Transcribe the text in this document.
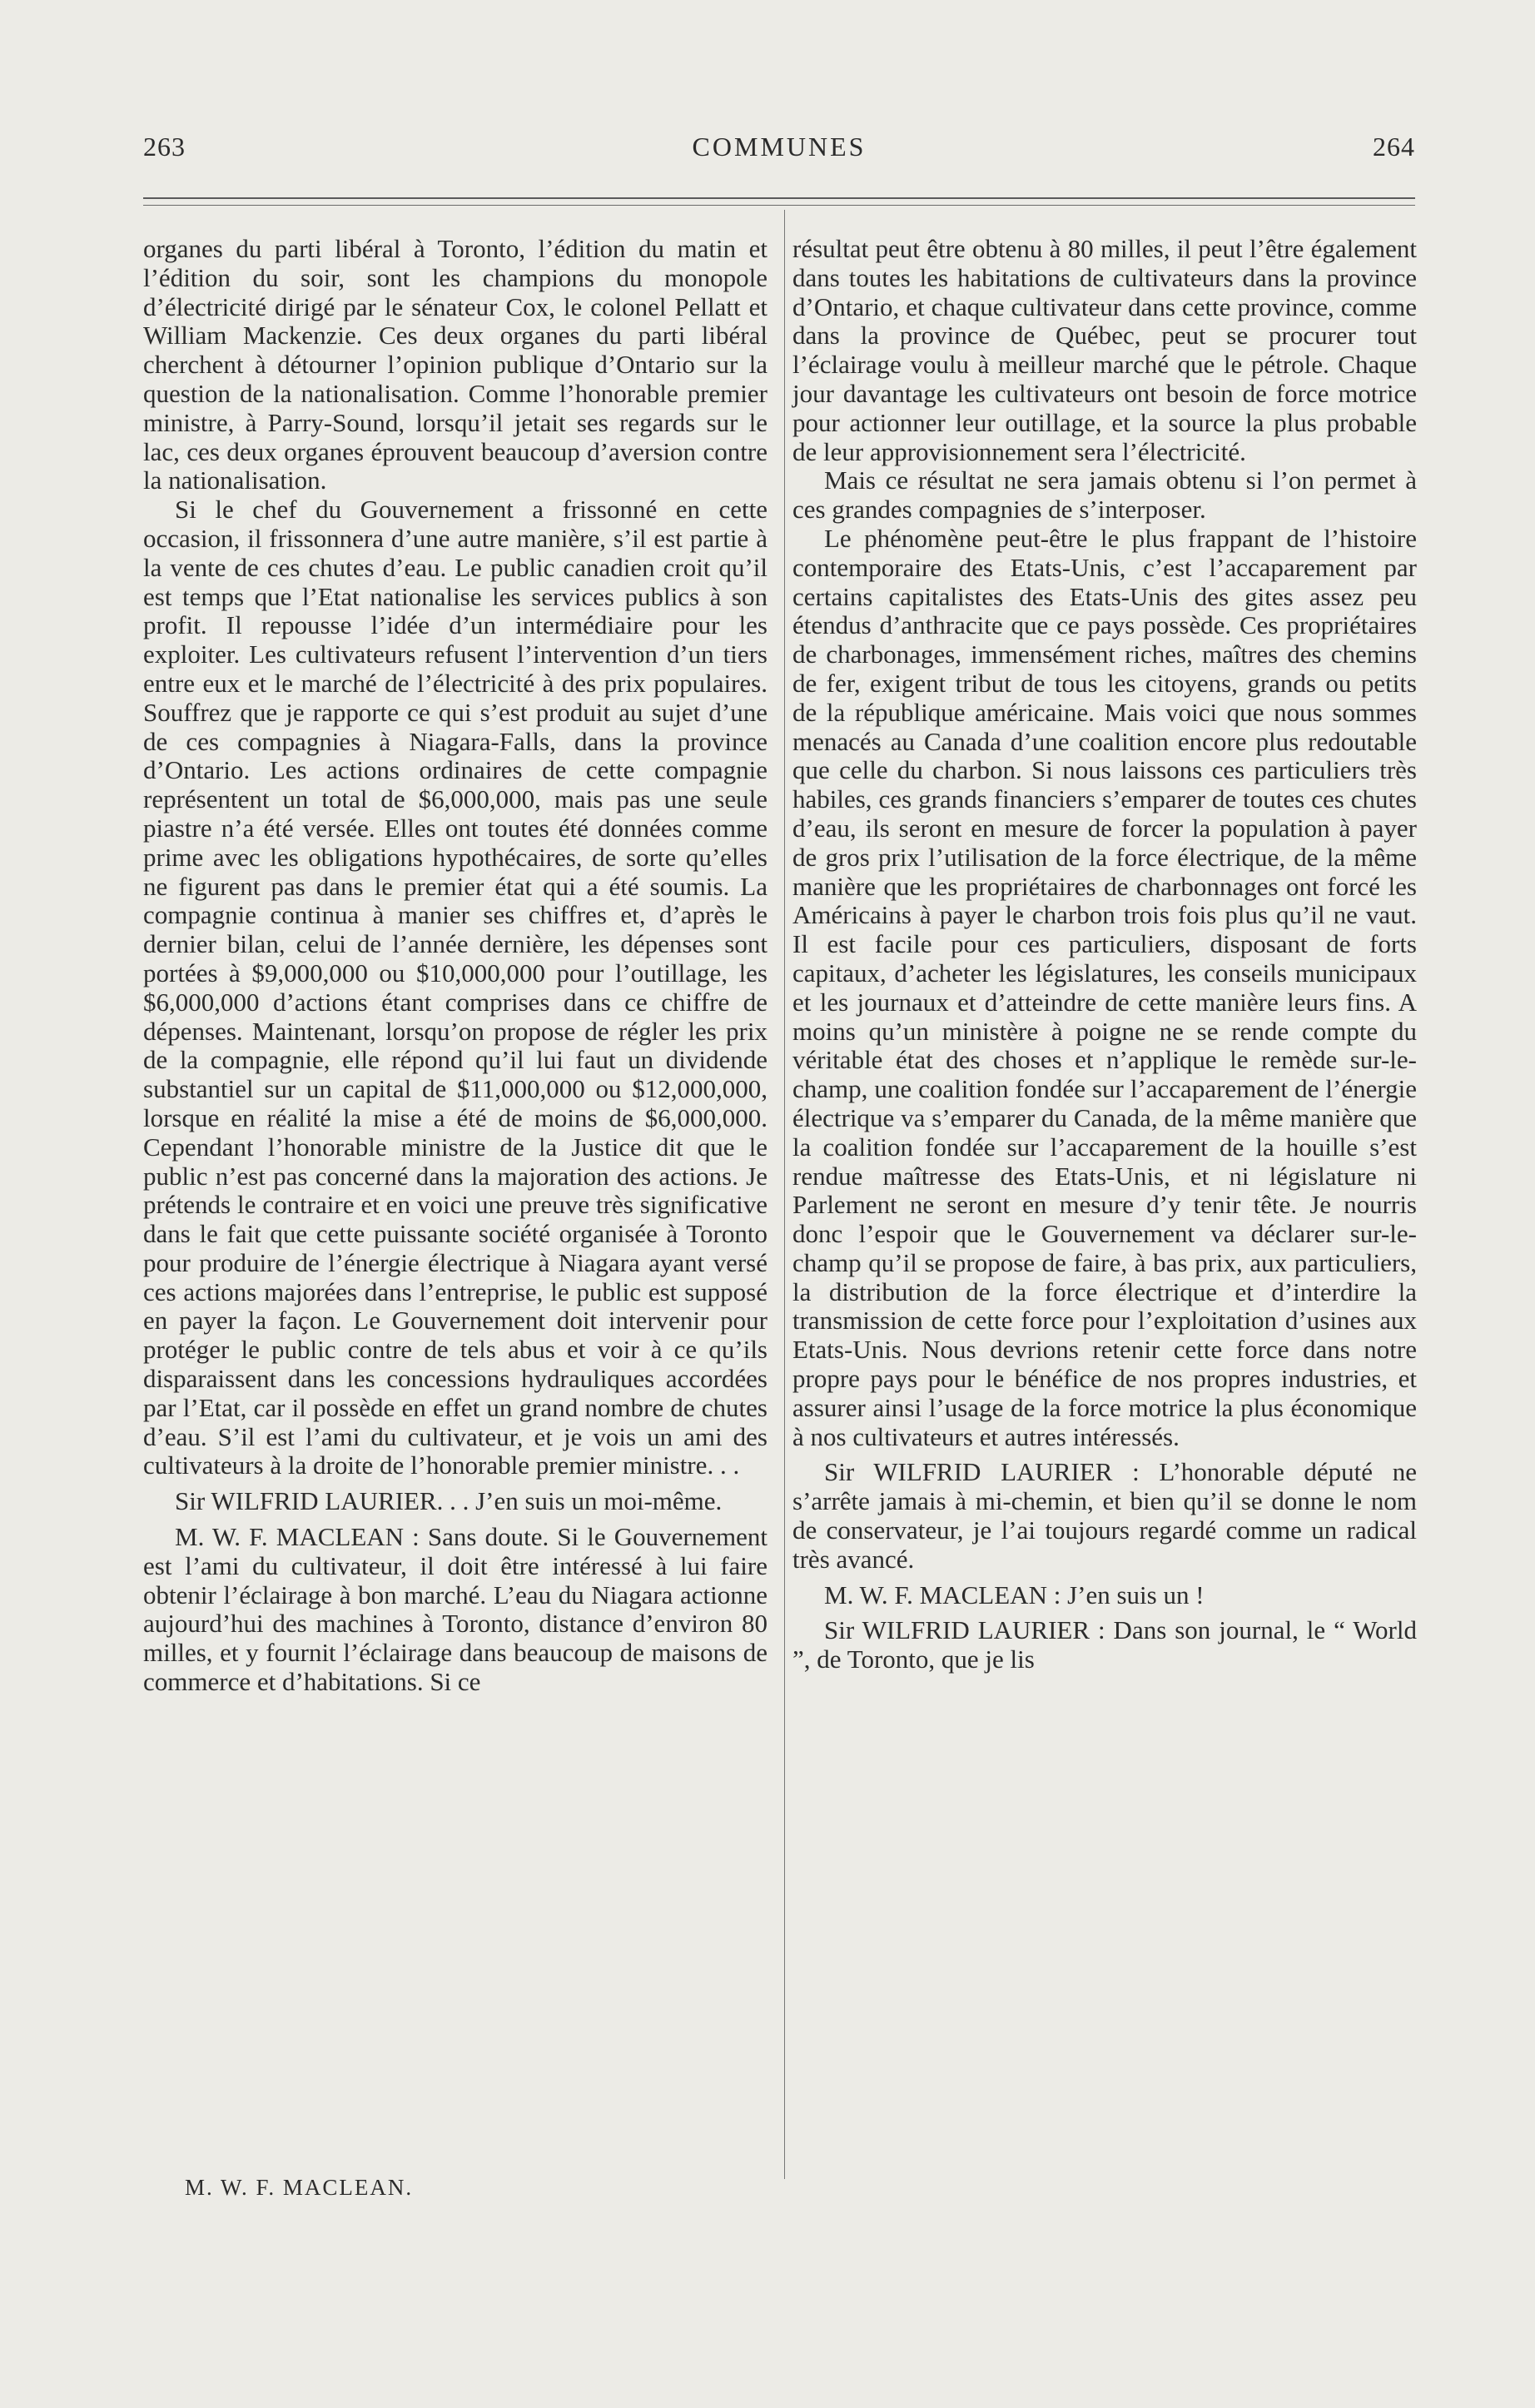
263	COMMUNES	264

organes du parti libéral à Toronto, l’édition du matin et l’édition du soir, sont les champions du monopole d’électricité dirigé par le sénateur Cox, le colonel Pellatt et William Mackenzie. Ces deux organes du parti libéral cherchent à détourner l’opinion publique d’Ontario sur la question de la nationalisation. Comme l’honorable premier ministre, à Parry-Sound, lorsqu’il jetait ses regards sur le lac, ces deux organes éprouvent beaucoup d’aversion contre la nationalisation.

Si le chef du Gouvernement a frissonné en cette occasion, il frissonnera d’une autre manière, s’il est partie à la vente de ces chutes d’eau. Le public canadien croit qu’il est temps que l’Etat nationalise les services publics à son profit. Il repousse l’idée d’un intermédiaire pour les exploiter. Les cultivateurs refusent l’intervention d’un tiers entre eux et le marché de l’électricité à des prix populaires. Souffrez que je rapporte ce qui s’est produit au sujet d’une de ces compagnies à Niagara-Falls, dans la province d’Ontario. Les actions ordinaires de cette compagnie représentent un total de $6,000,000, mais pas une seule piastre n’a été versée. Elles ont toutes été données comme prime avec les obligations hypothécaires, de sorte qu’elles ne figurent pas dans le premier état qui a été soumis. La compagnie continua à manier ses chiffres et, d’après le dernier bilan, celui de l’année dernière, les dépenses sont portées à $9,000,000 ou $10,000,000 pour l’outillage, les $6,000,000 d’actions étant comprises dans ce chiffre de dépenses. Maintenant, lorsqu’on propose de régler les prix de la compagnie, elle répond qu’il lui faut un dividende substantiel sur un capital de $11,000,000 ou $12,000,000, lorsque en réalité la mise a été de moins de $6,000,000. Cependant l’honorable ministre de la Justice dit que le public n’est pas concerné dans la majoration des actions. Je prétends le contraire et en voici une preuve très significative dans le fait que cette puissante société organisée à Toronto pour produire de l’énergie électrique à Niagara ayant versé ces actions majorées dans l’entreprise, le public est supposé en payer la façon. Le Gouvernement doit intervenir pour protéger le public contre de tels abus et voir à ce qu’ils disparaissent dans les concessions hydrauliques accordées par l’Etat, car il possède en effet un grand nombre de chutes d’eau. S’il est l’ami du cultivateur, et je vois un ami des cultivateurs à la droite de l’honorable premier ministre. . .

Sir WILFRID LAURIER. . . J’en suis un moi-même.

M. W. F. MACLEAN : Sans doute. Si le Gouvernement est l’ami du cultivateur, il doit être intéressé à lui faire obtenir l’éclairage à bon marché. L’eau du Niagara actionne aujourd’hui des machines à Toronto, distance d’environ 80 milles, et y fournit l’éclairage dans beaucoup de maisons de commerce et d’habitations. Si ce

résultat peut être obtenu à 80 milles, il peut l’être également dans toutes les habitations de cultivateurs dans la province d’Ontario, et chaque cultivateur dans cette province, comme dans la province de Québec, peut se procurer tout l’éclairage voulu à meilleur marché que le pétrole. Chaque jour davantage les cultivateurs ont besoin de force motrice pour actionner leur outillage, et la source la plus probable de leur approvisionnement sera l’électricité.

Mais ce résultat ne sera jamais obtenu si l’on permet à ces grandes compagnies de s’interposer.

Le phénomène peut-être le plus frappant de l’histoire contemporaire des Etats-Unis, c’est l’accaparement par certains capitalistes des Etats-Unis des gites assez peu étendus d’anthracite que ce pays possède. Ces propriétaires de charbonages, immensément riches, maîtres des chemins de fer, exigent tribut de tous les citoyens, grands ou petits de la république américaine. Mais voici que nous sommes menacés au Canada d’une coalition encore plus redoutable que celle du charbon. Si nous laissons ces particuliers très habiles, ces grands financiers s’emparer de toutes ces chutes d’eau, ils seront en mesure de forcer la population à payer de gros prix l’utilisation de la force électrique, de la même manière que les propriétaires de charbonnages ont forcé les Américains à payer le charbon trois fois plus qu’il ne vaut. Il est facile pour ces particuliers, disposant de forts capitaux, d’acheter les législatures, les conseils municipaux et les journaux et d’atteindre de cette manière leurs fins. A moins qu’un ministère à poigne ne se rende compte du véritable état des choses et n’applique le remède sur-le-champ, une coalition fondée sur l’accaparement de l’énergie électrique va s’emparer du Canada, de la même manière que la coalition fondée sur l’accaparement de la houille s’est rendue maîtresse des Etats-Unis, et ni législature ni Parlement ne seront en mesure d’y tenir tête. Je nourris donc l’espoir que le Gouvernement va déclarer sur-le-champ qu’il se propose de faire, à bas prix, aux particuliers, la distribution de la force électrique et d’interdire la transmission de cette force pour l’exploitation d’usines aux Etats-Unis. Nous devrions retenir cette force dans notre propre pays pour le bénéfice de nos propres industries, et assurer ainsi l’usage de la force motrice la plus économique à nos cultivateurs et autres intéressés.

Sir WILFRID LAURIER : L’honorable député ne s’arrête jamais à mi-chemin, et bien qu’il se donne le nom de conservateur, je l’ai toujours regardé comme un radical très avancé.

M. W. F. MACLEAN : J’en suis un !

Sir WILFRID LAURIER : Dans son journal, le “ World ”, de Toronto, que je lis

M. W. F. MACLEAN.
